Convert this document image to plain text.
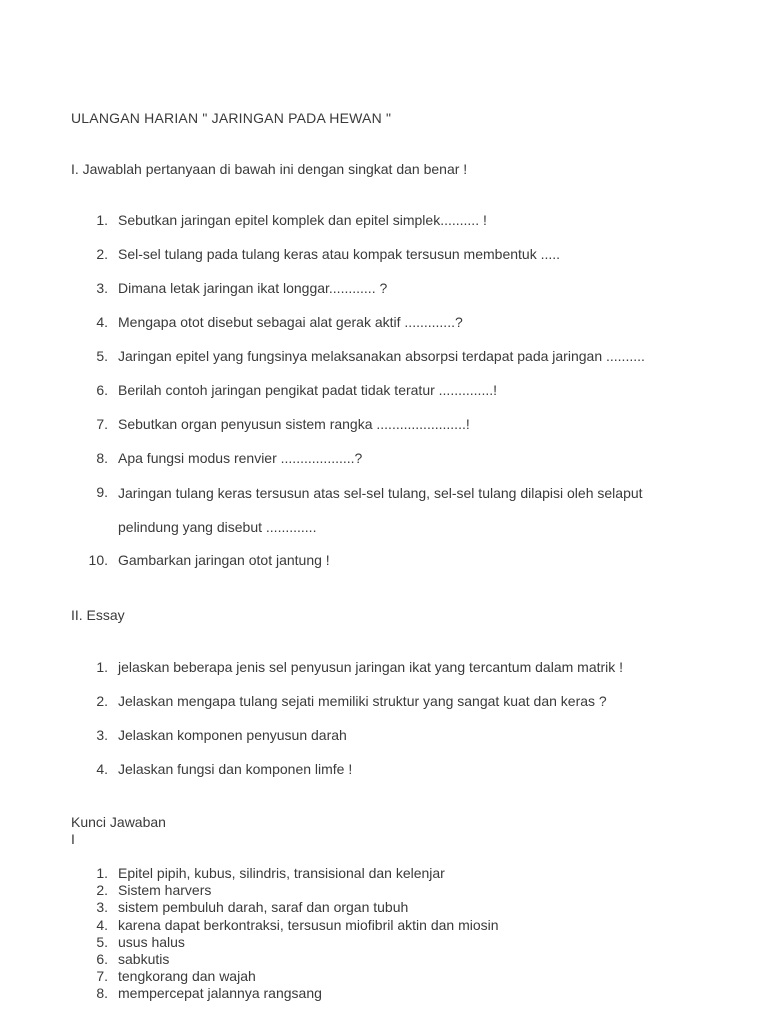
ULANGAN HARIAN " JARINGAN PADA HEWAN "
I. Jawablah pertanyaan di bawah ini dengan singkat dan benar !
1. Sebutkan jaringan epitel komplek dan epitel simplek.......... !
2. Sel-sel tulang pada tulang keras atau kompak tersusun membentuk .....
3. Dimana letak jaringan ikat longgar............ ?
4. Mengapa otot disebut sebagai alat gerak aktif .............?
5. Jaringan epitel yang fungsinya melaksanakan absorpsi terdapat pada jaringan ..........
6. Berilah contoh jaringan pengikat padat tidak teratur ..............!
7. Sebutkan organ penyusun sistem rangka .......................!
8. Apa fungsi modus renvier ...................?
9. Jaringan tulang keras tersusun atas sel-sel tulang, sel-sel tulang dilapisi oleh selaput pelindung yang disebut .............
10. Gambarkan jaringan otot jantung !
II. Essay
1. jelaskan beberapa jenis sel penyusun jaringan ikat yang tercantum dalam matrik !
2. Jelaskan mengapa tulang sejati memiliki struktur yang sangat kuat dan keras ?
3. Jelaskan komponen penyusun darah
4. Jelaskan fungsi dan komponen limfe !
Kunci Jawaban
I
1. Epitel pipih, kubus, silindris, transisional dan kelenjar
2. Sistem harvers
3. sistem pembuluh darah, saraf dan organ tubuh
4. karena dapat berkontraksi, tersusun miofibril aktin dan miosin
5. usus halus
6. sabkutis
7. tengkorang dan wajah
8. mempercepat jalannya rangsang
